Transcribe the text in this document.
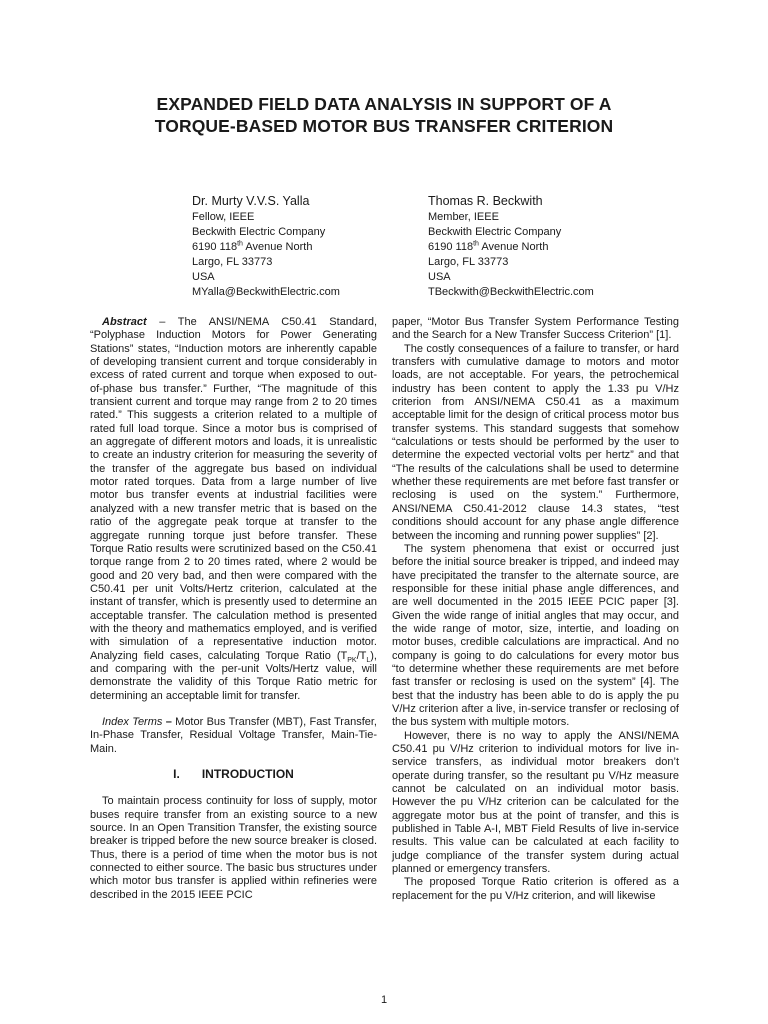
EXPANDED FIELD DATA ANALYSIS IN SUPPORT OF A
TORQUE-BASED MOTOR BUS TRANSFER CRITERION
Dr. Murty V.V.S. Yalla
Fellow, IEEE
Beckwith Electric Company
6190 118th Avenue North
Largo, FL 33773
USA
MYalla@BeckwithElectric.com
Thomas R. Beckwith
Member, IEEE
Beckwith Electric Company
6190 118th Avenue North
Largo, FL 33773
USA
TBeckwith@BeckwithElectric.com

Abstract – The ANSI/NEMA C50.41 Standard, “Polyphase Induction Motors for Power Generating Stations” states, “Induction motors are inherently capable of developing transient current and torque considerably in excess of rated current and torque when exposed to out-of-phase bus transfer.” Further, “The magnitude of this transient current and torque may range from 2 to 20 times rated.” This suggests a criterion related to a multiple of rated full load torque. Since a motor bus is comprised of an aggregate of different motors and loads, it is unrealistic to create an industry criterion for measuring the severity of the transfer of the aggregate bus based on individual motor rated torques. Data from a large number of live motor bus transfer events at industrial facilities were analyzed with a new transfer metric that is based on the ratio of the aggregate peak torque at transfer to the aggregate running torque just before transfer. These Torque Ratio results were scrutinized based on the C50.41 torque range from 2 to 20 times rated, where 2 would be good and 20 very bad, and then were compared with the C50.41 per unit Volts/Hertz criterion, calculated at the instant of transfer, which is presently used to determine an acceptable transfer. The calculation method is presented with the theory and mathematics employed, and is verified with simulation of a representative induction motor. Analyzing field cases, calculating Torque Ratio $(T_{PK}/T_L)$, and comparing with the per-unit Volts/Hertz value, will demonstrate the validity of this Torque Ratio metric for determining an acceptable limit for transfer.

Index Terms – Motor Bus Transfer (MBT), Fast Transfer, In-Phase Transfer, Residual Voltage Transfer, Main-Tie-Main.

I. INTRODUCTION

To maintain process continuity for loss of supply, motor buses require transfer from an existing source to a new source. In an Open Transition Transfer, the existing source breaker is tripped before the new source breaker is closed. Thus, there is a period of time when the motor bus is not connected to either source. The basic bus structures under which motor bus transfer is applied within refineries were described in the 2015 IEEE PCIC

paper, “Motor Bus Transfer System Performance Testing and the Search for a New Transfer Success Criterion” [1].

The costly consequences of a failure to transfer, or hard transfers with cumulative damage to motors and motor loads, are not acceptable. For years, the petrochemical industry has been content to apply the 1.33 pu V/Hz criterion from ANSI/NEMA C50.41 as a maximum acceptable limit for the design of critical process motor bus transfer systems. This standard suggests that somehow “calculations or tests should be performed by the user to determine the expected vectorial volts per hertz” and that “The results of the calculations shall be used to determine whether these requirements are met before fast transfer or reclosing is used on the system.” Furthermore, ANSI/NEMA C50.41-2012 clause 14.3 states, “test conditions should account for any phase angle difference between the incoming and running power supplies” [2].

The system phenomena that exist or occurred just before the initial source breaker is tripped, and indeed may have precipitated the transfer to the alternate source, are responsible for these initial phase angle differences, and are well documented in the 2015 IEEE PCIC paper [3]. Given the wide range of initial angles that may occur, and the wide range of motor, size, intertie, and loading on motor buses, credible calculations are impractical. And no company is going to do calculations for every motor bus “to determine whether these requirements are met before fast transfer or reclosing is used on the system” [4]. The best that the industry has been able to do is apply the pu V/Hz criterion after a live, in-service transfer or reclosing of the bus system with multiple motors.

However, there is no way to apply the ANSI/NEMA C50.41 pu V/Hz criterion to individual motors for live in-service transfers, as individual motor breakers don’t operate during transfer, so the resultant pu V/Hz measure cannot be calculated on an individual motor basis. However the pu V/Hz criterion can be calculated for the aggregate motor bus at the point of transfer, and this is published in Table A-I, MBT Field Results of live in-service results. This value can be calculated at each facility to judge compliance of the transfer system during actual planned or emergency transfers.

The proposed Torque Ratio criterion is offered as a replacement for the pu V/Hz criterion, and will likewise

1
